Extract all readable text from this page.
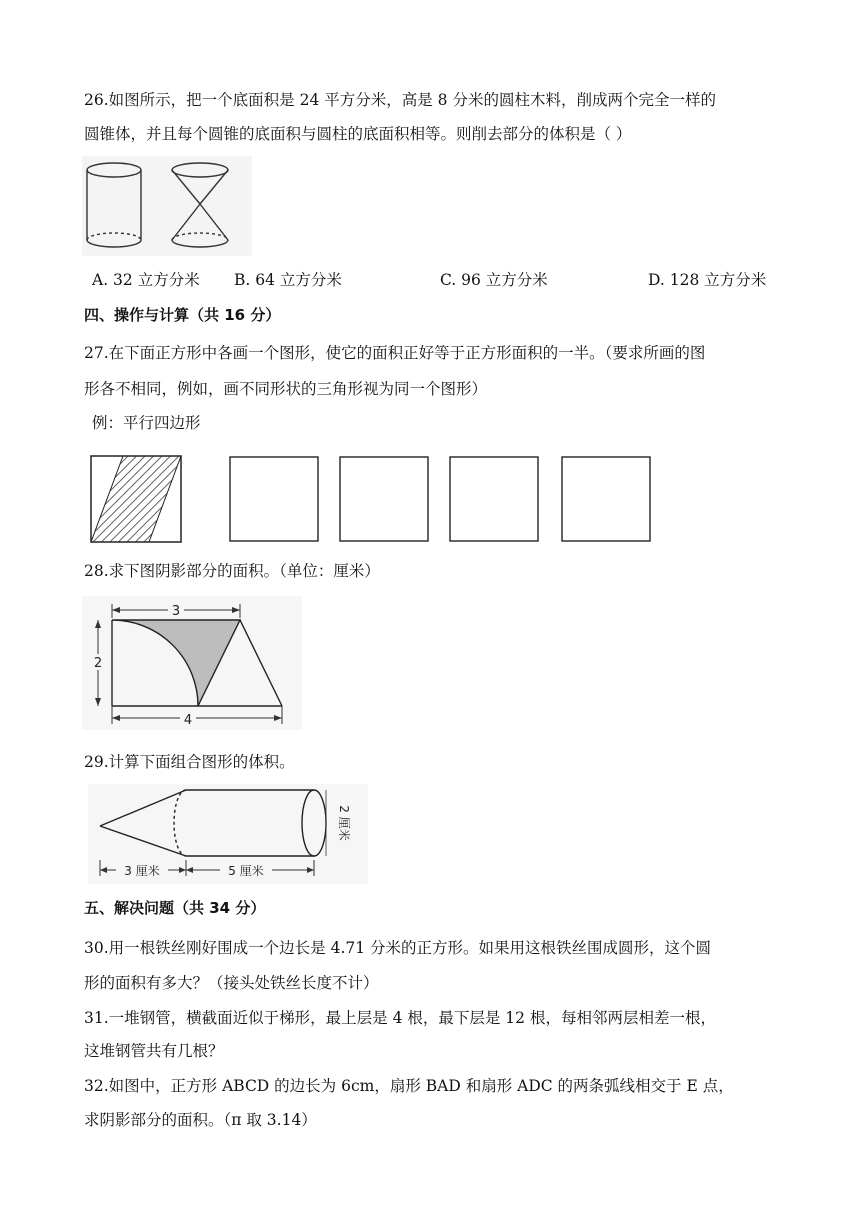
26.如图所示，把一个底面积是 24 平方分米，高是 8 分米的圆柱木料，削成两个完全一样的
圆锥体，并且每个圆锥的底面积与圆柱的底面积相等。则削去部分的体积是（ ）
A. 32 立方分米 B. 64 立方分米	C. 96 立方分米	D. 128 立方分米
四、操作与计算（共 16 分）
27.在下面正方形中各画一个图形，使它的面积正好等于正方形面积的一半。（要求所画的图
形各不相同，例如，画不同形状的三角形视为同一个图形）
例：平行四边形
28.求下图阴影部分的面积。（单位：厘米）
3
2
4
29.计算下面组合图形的体积。
2 厘米
3 厘米	5 厘米
五、解决问题（共 34 分）
30.用一根铁丝刚好围成一个边长是 4.71 分米的正方形。如果用这根铁丝围成圆形，这个圆
形的面积有多大？（接头处铁丝长度不计）
31.一堆钢管，横截面近似于梯形，最上层是 4 根，最下层是 12 根，每相邻两层相差一根，
这堆钢管共有几根？
32.如图中，正方形 ABCD 的边长为 6cm，扇形 BAD 和扇形 ADC 的两条弧线相交于 E 点，
求阴影部分的面积。（π 取 3.14）
